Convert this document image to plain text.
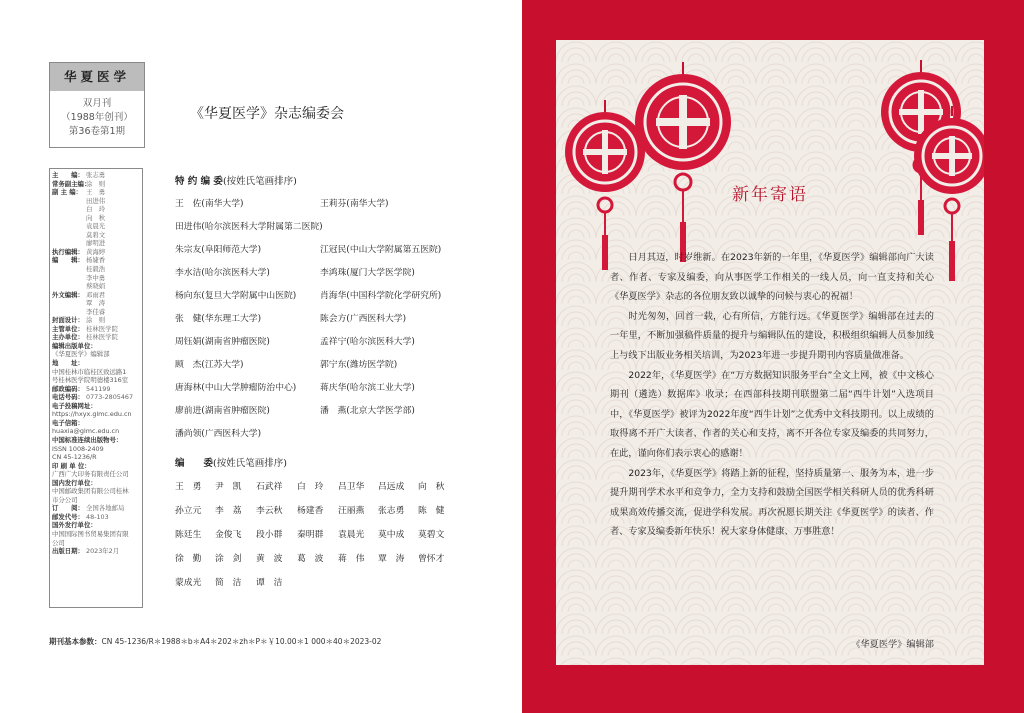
华夏医学
双月刊
（1988年创刊）
第36卷第1期
主　　编： 张志勇
常务副主编：
涂　则
副 主 编： 王　勇
田进伟
白　玲
向　秋
袁晨光
莫碧文
廖明进
执行编辑： 黄海婷
编　　辑： 杨婕香
桂毅浩
李中勇
蔡晓娟
外文编辑： 邓雨君
覃　涛
李佳睿
封面设计： 涂　则
主管单位： 桂林医学院
主办单位： 桂林医学院
编辑出版单位：
《华夏医学》编辑部
地　　址：
中国桂林市临桂区致远路1
号桂林医学院明德楼316室
邮政编码： 541199
电话号码： 0773-2805467
电子投稿网址：
https://hxyx.glmc.edu.cn
电子信箱：
huaxia@glmc.edu.cn
中国标准连续出版物号：
ISSN 1008-2409
CN 45-1236/R
印 刷 单 位：
广西广大印务有限责任公司
国内发行单位：
中国邮政集团有限公司桂林
市分公司
订　　阅： 全国各地邮局
邮发代号： 48-103
国外发行单位：
中国国际图书贸易集团有限
公司
出版日期： 2023年2月
《华夏医学》杂志编委会
特 约 编 委(按姓氏笔画排序)
王　佐(南华大学)	王莉芬(南华大学)
田进伟(哈尔滨医科大学附属第二医院)
朱宗友(阜阳师范大学)	江冠民(中山大学附属第五医院)
李水洁(哈尔滨医科大学)	李鸿珠(厦门大学医学院)
杨向东(复旦大学附属中山医院)	肖海华(中国科学院化学研究所)
张　健(华东理工大学)	陈会方(广西医科大学)
周钰娟(湖南省肿瘤医院)	孟祥宁(哈尔滨医科大学)
顾　杰(江苏大学)	郭宁东(潍坊医学院)
唐海林(中山大学肿瘤防治中心)	蒋庆华(哈尔滨工业大学)
廖前进(湖南省肿瘤医院)	潘　燕(北京大学医学部)
潘尚领(广西医科大学)
编　　委(按姓氏笔画排序)
王　勇 尹　凯 石武祥 白　玲 吕卫华 吕远成 向　秋
孙立元 李　荔 李云秋 杨建香 汪丽燕 张志勇 陈　健
陈廷生 金俊飞 段小群 秦明群 袁晨光 莫中成 莫碧文
徐　勤 涂　剑 黄　波 葛　波 蒋　伟 覃　涛 曾怀才
蒙成光 简　洁 谭　洁
期刊基本参数：CN 45-1236/R＊1988＊b＊A4＊202＊zh＊P＊￥10.00＊1 000＊40＊2023-02
新年寄语

日月其迈，时岁维新。在2023年新的一年里，《华夏医学》编辑部向广大读者、作者、专家及编委，向从事医学工作相关的一线人员，向一直支持和关心《华夏医学》杂志的各位朋友致以诚挚的问候与衷心的祝福！

时光匆匆，回首一载，心有所信，方能行远。《华夏医学》编辑部在过去的一年里，不断加强稿件质量的提升与编辑队伍的建设，积极组织编辑人员参加线上与线下出版业务相关培训，为2023年进一步提升期刊内容质量做准备。

2022年，《华夏医学》在“万方数据知识服务平台”全文上网，被《中文核心期刊（遴选）数据库》收录；在西部科技期刊联盟第二届“西牛计划”入选项目中，《华夏医学》被评为2022年度“西牛计划”之优秀中文科技期刊。以上成绩的取得离不开广大读者、作者的关心和支持，离不开各位专家及编委的共同努力，在此，谨向你们表示衷心的感谢！

2023年，《华夏医学》将踏上新的征程，坚持质量第一、服务为本，进一步提升期刊学术水平和竞争力，全力支持和鼓励全国医学相关科研人员的优秀科研成果高效传播交流，促进学科发展。再次祝愿长期关注《华夏医学》的读者、作者、专家及编委新年快乐！祝大家身体健康、万事胜意！

《华夏医学》编辑部
